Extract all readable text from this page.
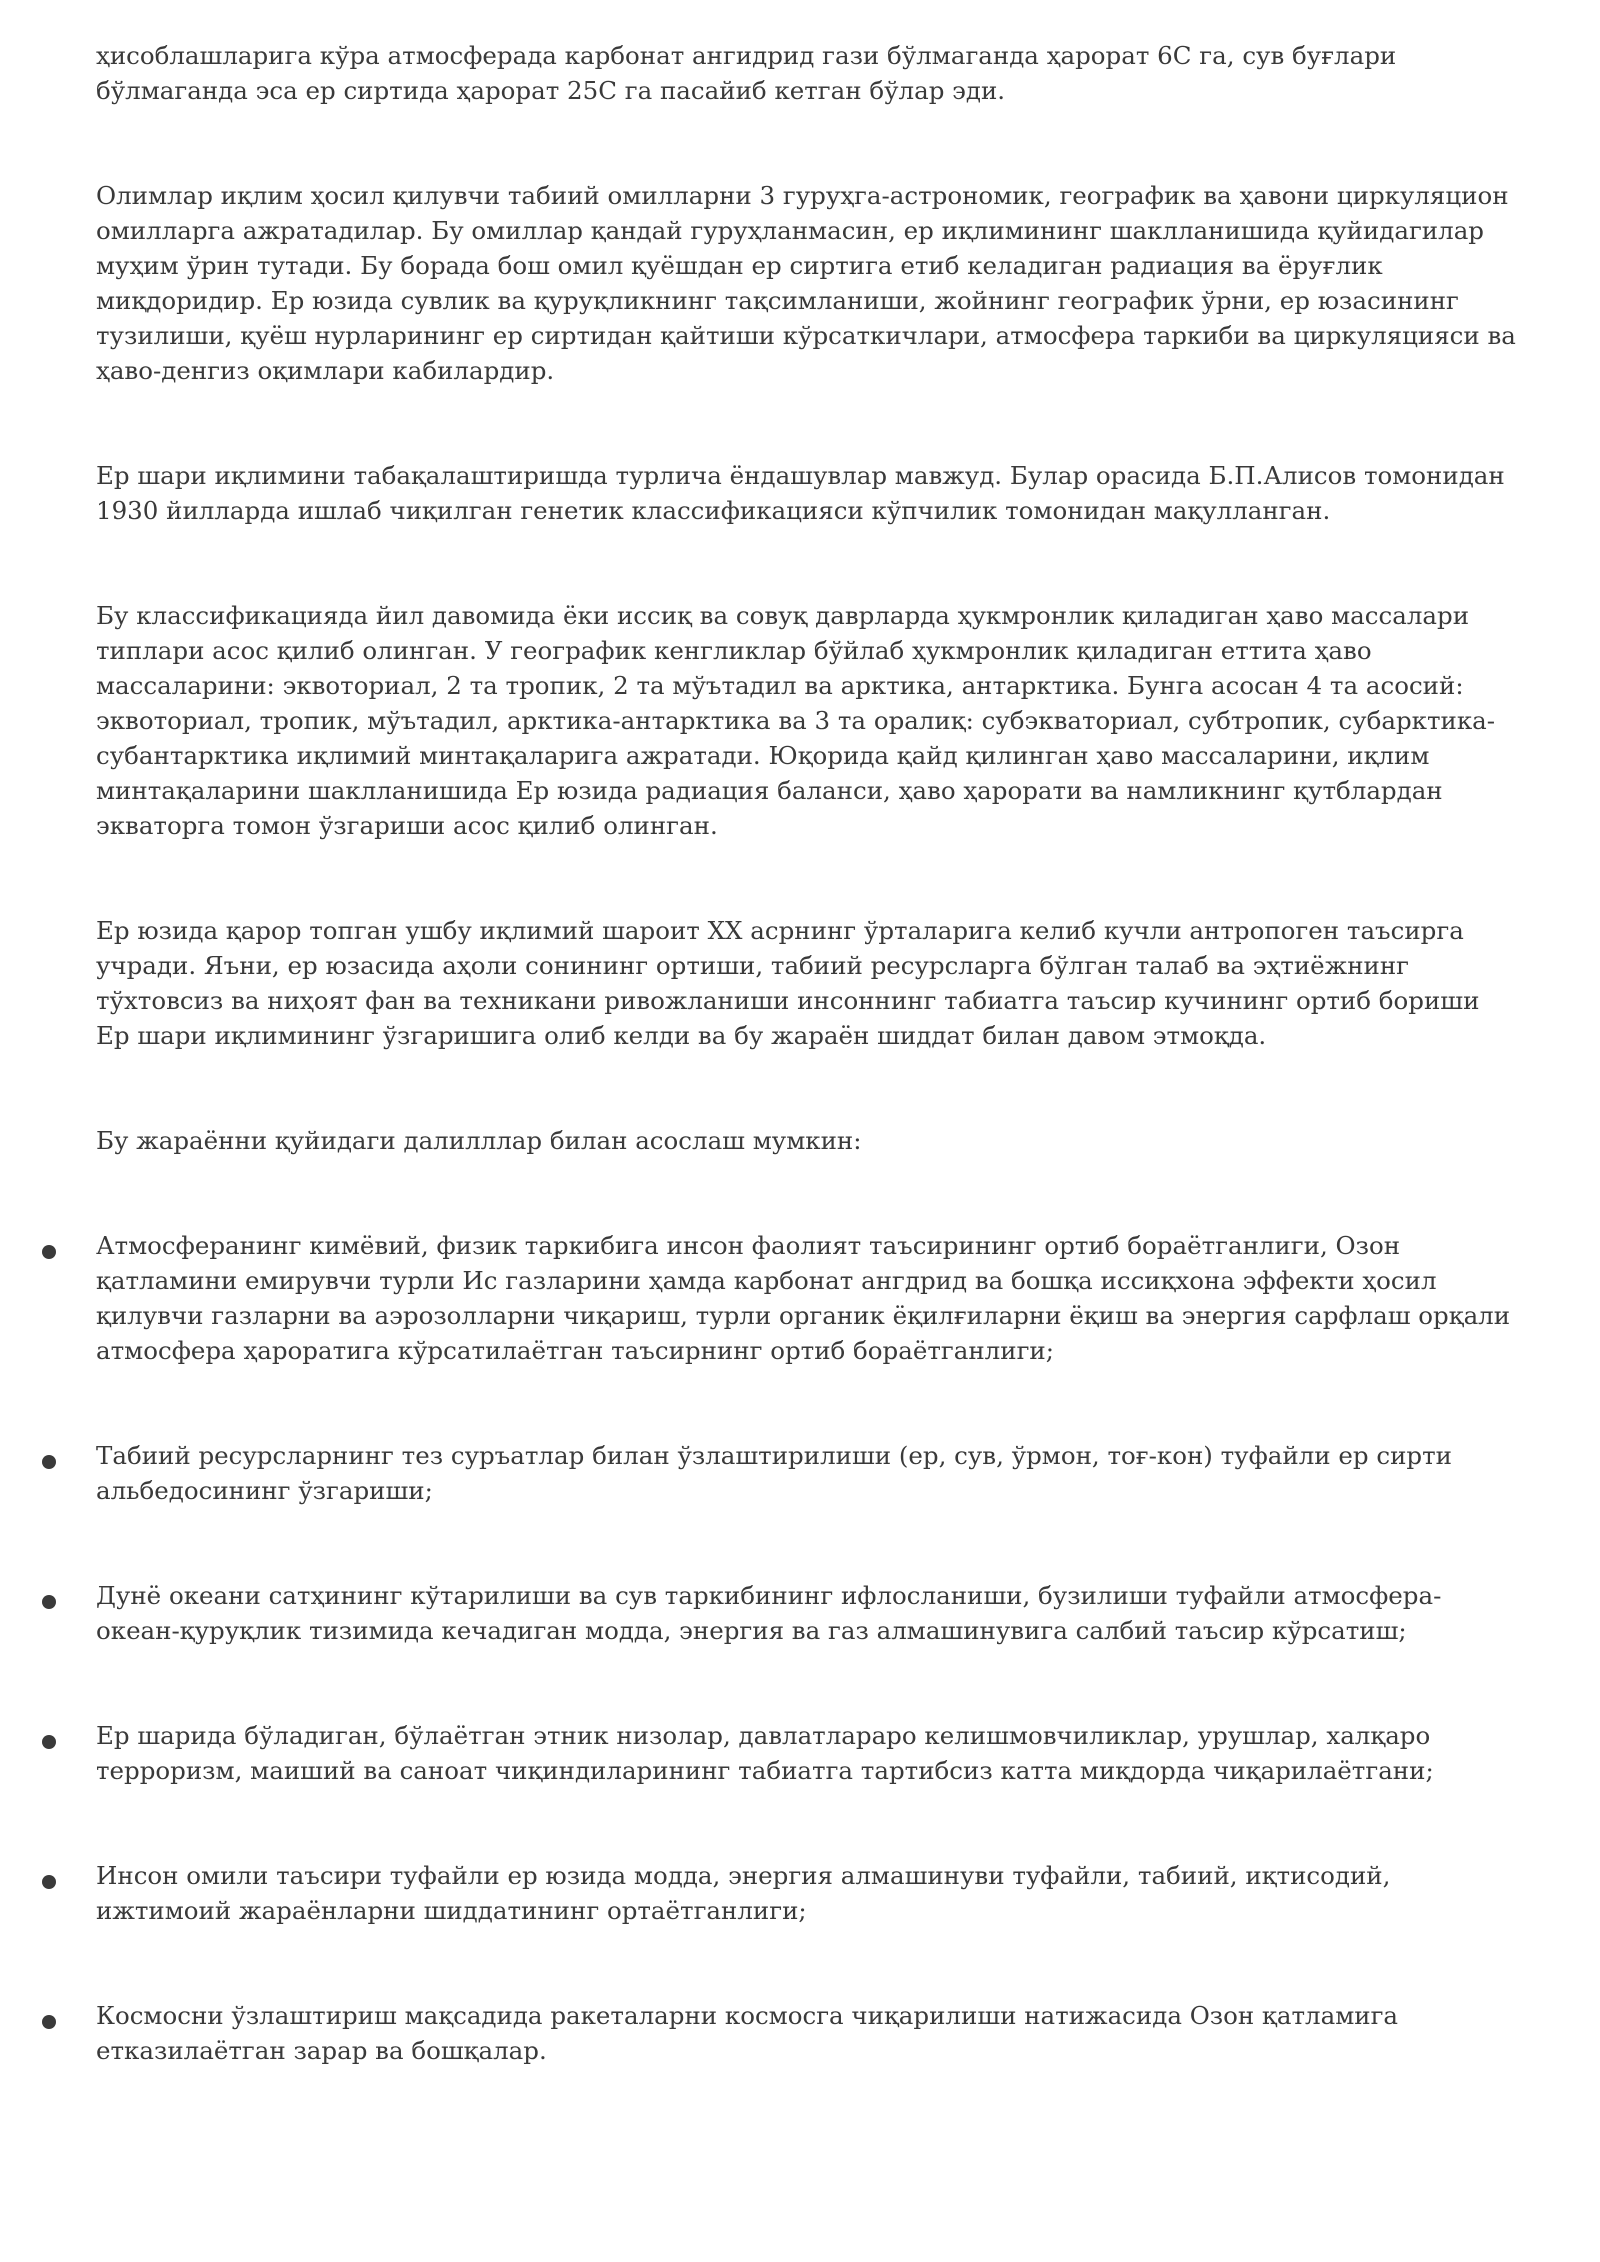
ҳисоблашларига кўра атмосферада карбонат ангидрид гази бўлмаганда ҳарорат 6С га, сув буғлари бўлмаганда эса ер сиртида ҳарорат 25С га пасайиб кетган бўлар эди.

Олимлар иқлим ҳосил қилувчи табиий омилларни 3 гуруҳга-астрономик, географик ва ҳавони циркуляцион омилларга ажратадилар. Бу омиллар қандай гуруҳланмасин, ер иқлимининг шаклланишида қуйидагилар муҳим ўрин тутади. Бу борада бош омил қуёшдан ер сиртига етиб келадиган радиация ва ёруғлик миқдоридир. Ер юзида сувлик ва қуруқликнинг тақсимланиши, жойнинг географик ўрни, ер юзасининг тузилиши, қуёш нурларининг ер сиртидан қайтиши кўрсаткичлари, атмосфера таркиби ва циркуляцияси ва ҳаво-денгиз оқимлари кабилардир.

Ер шари иқлимини табақалаштиришда турлича ёндашувлар мавжуд. Булар орасида Б.П.Алисов томонидан 1930 йилларда ишлаб чиқилган генетик классификацияси кўпчилик томонидан мақулланган.

Бу классификацияда йил давомида ёки иссиқ ва совуқ даврларда ҳукмронлик қиладиган ҳаво массалари типлари асос қилиб олинган. У географик кенгликлар бўйлаб ҳукмронлик қиладиган еттита ҳаво массаларини: эквоториал, 2 та тропик, 2 та мўътадил ва арктика, антарктика. Бунга асосан 4 та асосий: эквоториал, тропик, мўътадил, арктика-антарктика ва 3 та оралиқ: субэкваториал, субтропик, субарктика-субантарктика иқлимий минтақаларига ажратади. Юқорида қайд қилинган ҳаво массаларини, иқлим минтақаларини шаклланишида Ер юзида радиация баланси, ҳаво ҳарорати ва намликнинг қутблардан экваторга томон ўзгариши асос қилиб олинган.

Ер юзида қарор топган ушбу иқлимий шароит XX асрнинг ўрталарига келиб кучли антропоген таъсирга учради. Яъни, ер юзасида аҳоли сонининг ортиши, табиий ресурсларга бўлган талаб ва эҳтиёжнинг тўхтовсиз ва ниҳоят фан ва техникани ривожланиши инсоннинг табиатга таъсир кучининг ортиб бориши Ер шари иқлимининг ўзгаришига олиб келди ва бу жараён шиддат билан давом этмоқда.

Бу жараённи қуйидаги далилллар билан асослаш мумкин:

Атмосферанинг кимёвий, физик таркибига инсон фаолият таъсирининг ортиб бораётганлиги, Озон қатламини емирувчи турли Ис газларини ҳамда карбонат ангдрид ва бошқа иссиқхона эффекти ҳосил қилувчи газларни ва аэрозолларни чиқариш, турли органик ёқилғиларни ёқиш ва энергия сарфлаш орқали атмосфера ҳароратига кўрсатилаётган таъсирнинг ортиб бораётганлиги;

Табиий ресурсларнинг тез суръатлар билан ўзлаштирилиши (ер, сув, ўрмон, тоғ-кон) туфайли ер сирти альбедосининг ўзгариши;

Дунё океани сатҳининг кўтарилиши ва сув таркибининг ифлосланиши, бузилиши туфайли атмосфера-океан-қуруқлик тизимида кечадиган модда, энергия ва газ алмашинувига салбий таъсир кўрсатиш;

Ер шарида бўладиган, бўлаётган этник низолар, давлатлараро келишмовчиликлар, урушлар, халқаро терроризм, маиший ва саноат чиқиндиларининг табиатга тартибсиз катта миқдорда чиқарилаётгани;

Инсон омили таъсири туфайли ер юзида модда, энергия алмашинуви туфайли, табиий, иқтисодий, ижтимоий жараёнларни шиддатининг ортаётганлиги;

Космосни ўзлаштириш мақсадида ракеталарни космосга чиқарилиши натижасида Озон қатламига етказилаётган зарар ва бошқалар.
